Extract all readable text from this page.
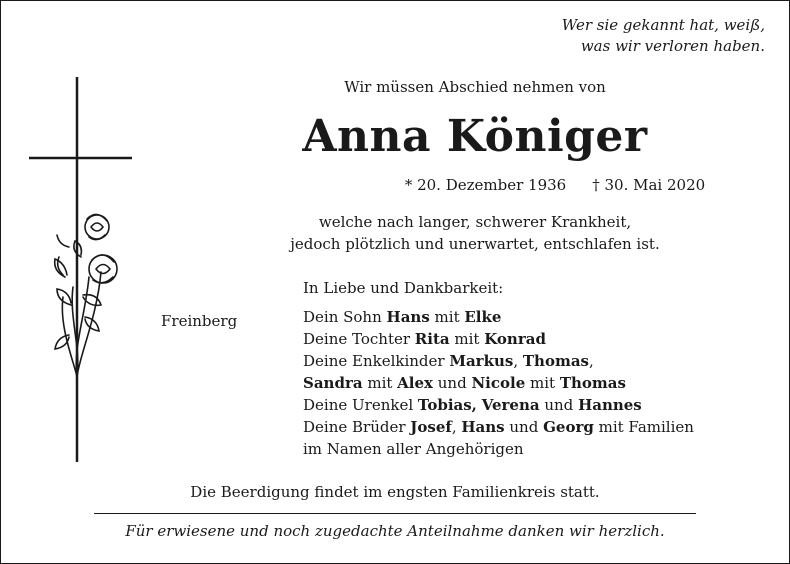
Wer sie gekannt hat, weiß,
was wir verloren haben.
Wir müssen Abschied nehmen von
Anna Königer
* 20. Dezember 1936 † 30. Mai 2020
welche nach langer, schwerer Krankheit,
jedoch plötzlich und unerwartet, entschlafen ist.
In Liebe und Dankbarkeit:
Freinberg	Dein Sohn Hans mit Elke
Deine Tochter Rita mit Konrad
Deine Enkelkinder Markus, Thomas,
Sandra mit Alex und Nicole mit Thomas
Deine Urenkel Tobias, Verena und Hannes
Deine Brüder Josef, Hans und Georg mit Familien
im Namen aller Angehörigen
Die Beerdigung findet im engsten Familienkreis statt.
Für erwiesene und noch zugedachte Anteilnahme danken wir herzlich.
